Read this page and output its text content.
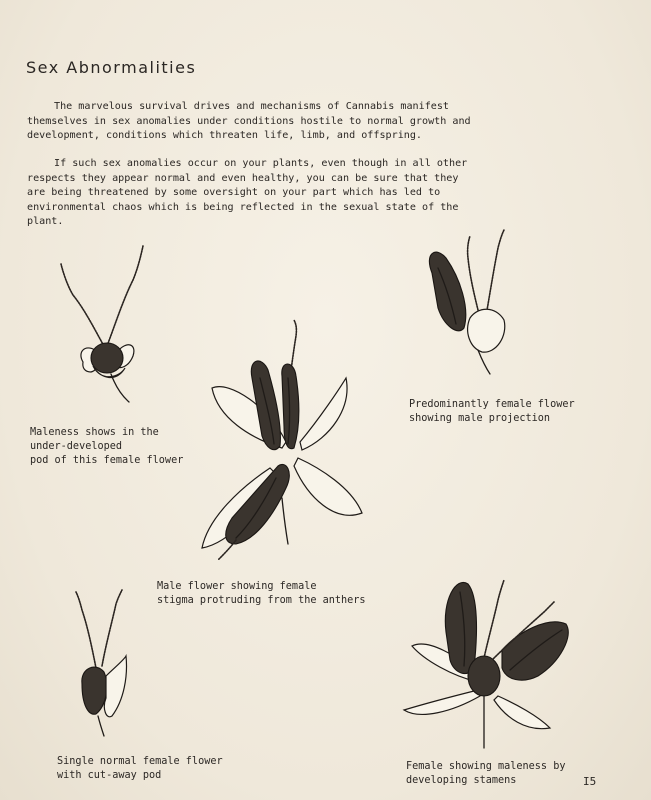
Sex Abnormalities

The marvelous survival drives and mechanisms of Cannabis manifest themselves in sex anomalies under conditions hostile to normal growth and development, conditions which threaten life, limb, and offspring.

If such sex anomalies occur on your plants, even though in all other respects they appear normal and even healthy, you can be sure that they are being threatened by some oversight on your part which has led to environmental chaos which is being reflected in the sexual state of the plant.

Maleness shows in the
under-developed
pod of this female flower
Predominantly female flower
showing male projection
Male flower showing female
stigma protruding from the anthers
Single normal female flower
with cut-away pod
Female showing maleness by
developing stamens	I5
